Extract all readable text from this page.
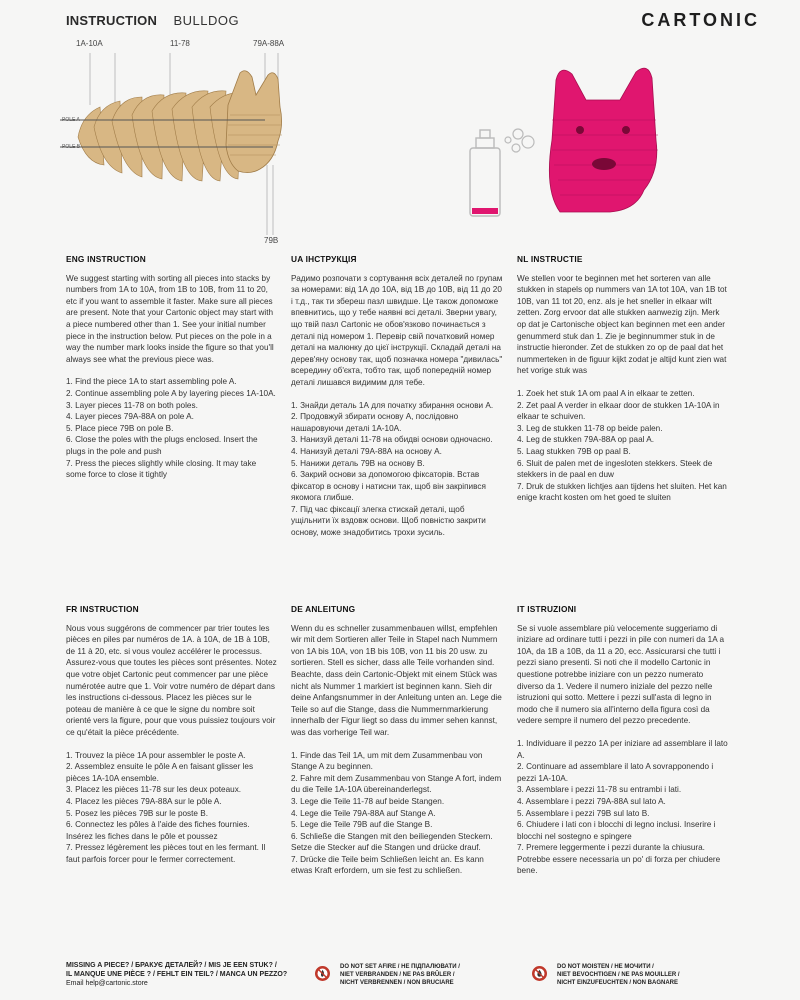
INSTRUCTION BULLDOG	CARTONIC
1A-10A	11-78	79A-88A
79B
POLE A
POLE B
ENG INSTRUCTION

We suggest starting with sorting all pieces into stacks by numbers from 1A to 10A, from 1B to 10B, from 11 to 20, etc if you want to assemble it faster. Make sure all pieces are present. Note that your Cartonic object may start with a piece numbered other than 1. See your initial number piece in the instruction below. Put pieces on the pole in a way the number mark looks inside the figure so that you'll always see what the previous piece was.

1. Find the piece 1A to start assembling pole A.
2. Continue assembling pole A by layering pieces 1A-10A.
3. Layer pieces 11-78 on both poles.
4. Layer pieces 79A-88A on pole A.
5. Place piece 79B on pole B.
6. Close the poles with the plugs enclosed. Insert the plugs in the pole and push
7. Press the pieces slightly while closing. It may take some force to close it tightly
UA ІНСТРУКЦІЯ

Радимо розпочати з сортування всіх деталей по групам за номерами: від 1А до 10А, від 1B до 10B, від 11 до 20 і т.д., так ти збереш пазл швидше. Це також допоможе впевнитись, що у тебе наявні всі деталі. Зверни увагу, що твій пазл Cartonic не обов'язково починається з деталі під номером 1. Перевір свій початковий номер деталі на малюнку до цієї інструкції. Складай деталі на дерев'яну основу так, щоб позначка номера "дивилась" всередину об'єкта, тобто так, щоб попередній номер деталі лишався видимим для тебе.

1. Знайди деталь 1А для початку збирання основи А.
2. Продовжуй збирати основу А, послідовно нашаровуючи деталі 1А-10А.
3. Нанизуй деталі 11-78 на обидві основи одночасно.
4. Нанизуй деталі 79А-88А на основу А.
5. Нанижи деталь 79В на основу В.
6. Закрий основи за допомогою фіксаторів. Встав фіксатор в основу і натисни так, щоб він закріпився якомога глибше.
7. Під час фіксації злегка стискай деталі, щоб ущільнити їх вздовж основи. Щоб повністю закрити основу, може знадобитись трохи зусиль.
NL INSTRUCTIE

We stellen voor te beginnen met het sorteren van alle stukken in stapels op nummers van 1A tot 10A, van 1B tot 10B, van 11 tot 20, enz. als je het sneller in elkaar wilt zetten. Zorg ervoor dat alle stukken aanwezig zijn. Merk op dat je Cartonische object kan beginnen met een ander genummerd stuk dan 1. Zie je beginnummer stuk in de instructie hieronder. Zet de stukken zo op de paal dat het nummerteken in de figuur kijkt zodat je altijd kunt zien wat het vorige stuk was

1. Zoek het stuk 1A om paal A in elkaar te zetten.
2. Zet paal A verder in elkaar door de stukken 1A-10A in elkaar te schuiven.
3. Leg de stukken 11-78 op beide palen.
4. Leg de stukken 79A-88A op paal A.
5. Laag stukken 79B op paal B.
6. Sluit de palen met de ingesloten stekkers. Steek de stekkers in de paal en duw
7. Druk de stukken lichtjes aan tijdens het sluiten. Het kan enige kracht kosten om het goed te sluiten
FR INSTRUCTION

Nous vous suggérons de commencer par trier toutes les pièces en piles par numéros de 1A. à 10A, de 1B à 10B, de 11 à 20, etc. si vous voulez accélérer le processus. Assurez-vous que toutes les pièces sont présentes. Notez que votre objet Cartonic peut commencer par une pièce numérotée autre que 1. Voir votre numéro de départ dans les instructions ci-dessous. Placez les pièces sur le poteau de manière à ce que le signe du nombre soit orienté vers la figure, pour que vous puissiez toujours voir ce qu'était la pièce précédente.

1. Trouvez la pièce 1A pour assembler le poste A.
2. Assemblez ensuite le pôle A en faisant glisser les pièces 1A-10A ensemble.
3. Placez les pièces 11-78 sur les deux poteaux.
4. Placez les pièces 79A-88A sur le pôle A.
5. Posez les pièces 79B sur le poste B.
6. Connectez les pôles à l'aide des fiches fournies. Insérez les fiches dans le pôle et poussez
7. Pressez légèrement les pièces tout en les fermant. Il faut parfois forcer pour le fermer correctement.
DE ANLEITUNG

Wenn du es schneller zusammenbauen willst, empfehlen wir mit dem Sortieren aller Teile in Stapel nach Nummern von 1A bis 10A, von 1B bis 10B, von 11 bis 20 usw. zu sortieren. Stell es sicher, dass alle Teile vorhanden sind. Beachte, dass dein Cartonic-Objekt mit einem Stück was nicht als Nummer 1 markiert ist beginnen kann. Sieh dir deine Anfangsnummer in der Anleitung unten an. Lege die Teile so auf die Stange, dass die Nummernmarkierung innerhalb der Figur liegt so dass du immer sehen kannst, was das vorherige Teil war.

1. Finde das Teil 1A, um mit dem Zusammenbau von Stange A zu beginnen.
2. Fahre mit dem Zusammenbau von Stange A fort, indem du die Teile 1A-10A übereinanderlegst.
3. Lege die Teile 11-78 auf beide Stangen.
4. Lege die Teile 79A-88A auf Stange A.
5. Lege die Teile 79B auf die Stange B.
6. Schließe die Stangen mit den beiliegenden Steckern. Setze die Stecker auf die Stangen und drücke drauf.
7. Drücke die Teile beim Schließen leicht an. Es kann etwas Kraft erfordern, um sie fest zu schließen.
IT ISTRUZIONI

Se si vuole assemblare più velocemente suggeriamo di iniziare ad ordinare tutti i pezzi in pile con numeri da 1A a 10A, da 1B a 10B, da 11 a 20, ecc. Assicurarsi che tutti i pezzi siano presenti. Si noti che il modello Cartonic in questione potrebbe iniziare con un pezzo numerato diverso da 1. Vedere il numero iniziale del pezzo nelle istruzioni qui sotto. Mettere i pezzi sull'asta di legno in modo che il numero sia all'interno della figura così da vedere sempre il numero del pezzo precedente.

1. Individuare il pezzo 1A per iniziare ad assemblare il lato A.
2. Continuare ad assemblare il lato A sovrapponendo i pezzi 1A-10A.
3. Assemblare i pezzi 11-78 su entrambi i lati.
4. Assemblare i pezzi 79A-88A sul lato A.
5. Assemblare i pezzi 79B sul lato B.
6. Chiudere i lati con i blocchi di legno inclusi. Inserire i blocchi nel sostegno e spingere
7. Premere leggermente i pezzi durante la chiusura. Potrebbe essere necessaria un po' di forza per chiudere bene.
MISSING A PIECE? / БРАКУЄ ДЕТАЛЕЙ? / MIS JE EEN STUK? /
IL MANQUE UNE PIÈCE ? / FEHLT EIN TEIL? / MANCA UN PEZZO?
Email help@cartonic.store
DO NOT SET AFIRE / НЕ ПІДПАЛЮВАТИ /
NIET VERBRANDEN / NE PAS BRÛLER /
NICHT VERBRENNEN / NON BRUCIARE
DO NOT MOISTEN / НЕ МОЧИТИ /
NIET BEVOCHTIGEN / NE PAS MOUILLER /
NICHT EINZUFEUCHTEN / NON BAGNARE
